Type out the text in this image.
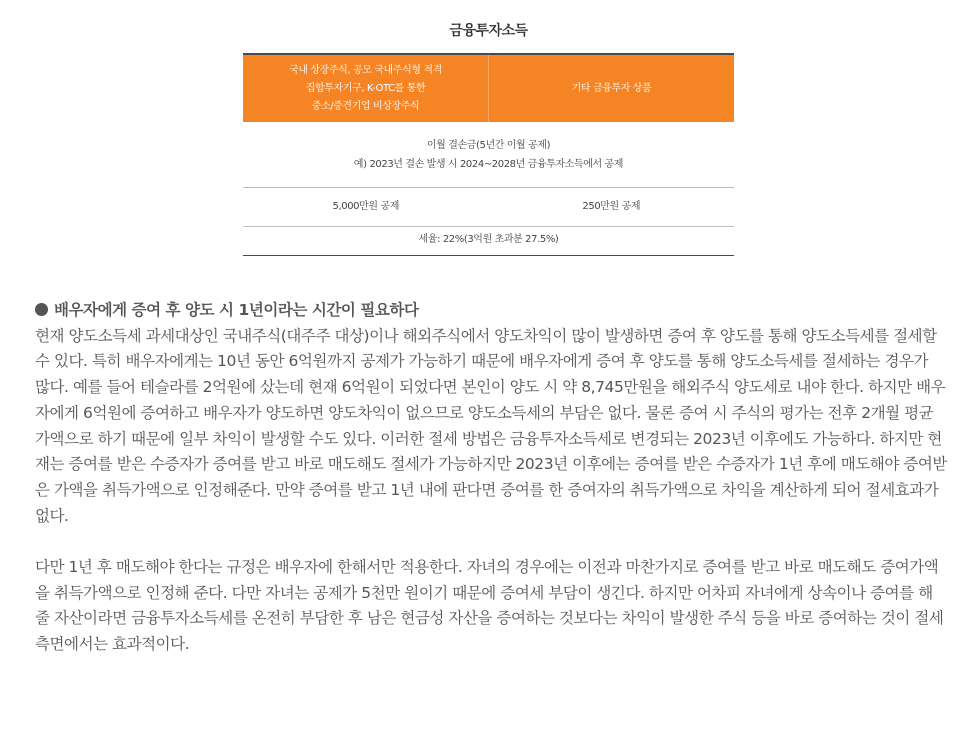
금융투자소득
국내 상장주식, 공모 국내주식형 적격
집합투자기구, K-OTC를 통한
중소/중견기업 비상장주식
기타 금융투자 상품
이월 결손금(5년간 이월 공제)
예) 2023년 결손 발생 시 2024~2028년 금융투자소득에서 공제
5,000만원 공제	250만원 공제
세율: 22%(3억원 초과분 27.5%)

배우자에게 증여 후 양도 시 1년이라는 시간이 필요하다

현재 양도소득세 과세대상인 국내주식(대주주 대상)이나 해외주식에서 양도차익이 많이 발생하면 증여 후 양도를 통해 양도소득세를 절세할 수 있다. 특히 배우자에게는 10년 동안 6억원까지 공제가 가능하기 때문에 배우자에게 증여 후 양도를 통해 양도소득세를 절세하는 경우가 많다. 예를 들어 테슬라를 2억원에 샀는데 현재 6억원이 되었다면 본인이 양도 시 약 8,745만원을 해외주식 양도세로 내야 한다. 하지만 배우자에게 6억원에 증여하고 배우자가 양도하면 양도차익이 없으므로 양도소득세의 부담은 없다. 물론 증여 시 주식의 평가는 전후 2개월 평균가액으로 하기 때문에 일부 차익이 발생할 수도 있다. 이러한 절세 방법은 금융투자소득세로 변경되는 2023년 이후에도 가능하다. 하지만 현재는 증여를 받은 수증자가 증여를 받고 바로 매도해도 절세가 가능하지만 2023년 이후에는 증여를 받은 수증자가 1년 후에 매도해야 증여받은 가액을 취득가액으로 인정해준다. 만약 증여를 받고 1년 내에 판다면 증여를 한 증여자의 취득가액으로 차익을 계산하게 되어 절세효과가 없다.

다만 1년 후 매도해야 한다는 규정은 배우자에 한해서만 적용한다. 자녀의 경우에는 이전과 마찬가지로 증여를 받고 바로 매도해도 증여가액을 취득가액으로 인정해 준다. 다만 자녀는 공제가 5천만 원이기 때문에 증여세 부담이 생긴다. 하지만 어차피 자녀에게 상속이나 증여를 해줄 자산이라면 금융투자소득세를 온전히 부담한 후 남은 현금성 자산을 증여하는 것보다는 차익이 발생한 주식 등을 바로 증여하는 것이 절세 측면에서는 효과적이다.
